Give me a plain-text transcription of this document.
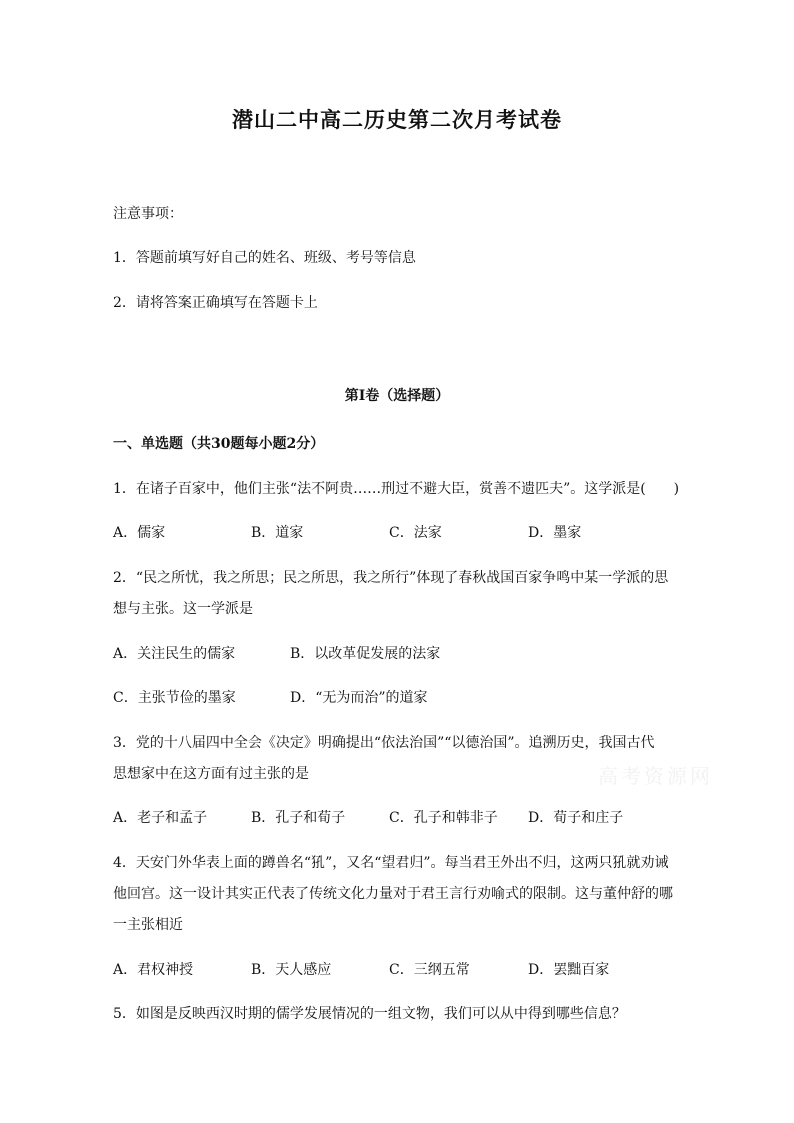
潜山二中高二历史第二次月考试卷
注意事项：
1．答题前填写好自己的姓名、班级、考号等信息
2．请将答案正确填写在答题卡上
第I卷（选择题）
一、单选题（共30题每小题2分）
1．在诸子百家中，他们主张“法不阿贵……刑过不避大臣，赏善不遗匹夫”。这学派是(　　)
A．儒家	B．道家	C．法家	D．墨家
2．“民之所忧，我之所思；民之所思，我之所行”体现了春秋战国百家争鸣中某一学派的思
想与主张。这一学派是
A．关注民生的儒家	B．以改革促发展的法家
C．主张节俭的墨家	D．“无为而治”的道家
3．党的十八届四中全会《决定》明确提出“依法治国”“以德治国”。追溯历史，我国古代
思想家中在这方面有过主张的是
A．老子和孟子	B．孔子和荀子	C．孔子和韩非子 D．荀子和庄子
4．天安门外华表上面的蹲兽名“犼”，又名“望君归”。每当君王外出不归，这两只犼就劝诫
他回宫。这一设计其实正代表了传统文化力量对于君王言行劝喻式的限制。这与董仲舒的哪
一主张相近
A．君权神授	B．天人感应	C．三纲五常	D．罢黜百家
5．如图是反映西汉时期的儒学发展情况的一组文物，我们可以从中得到哪些信息？
高考资源网
